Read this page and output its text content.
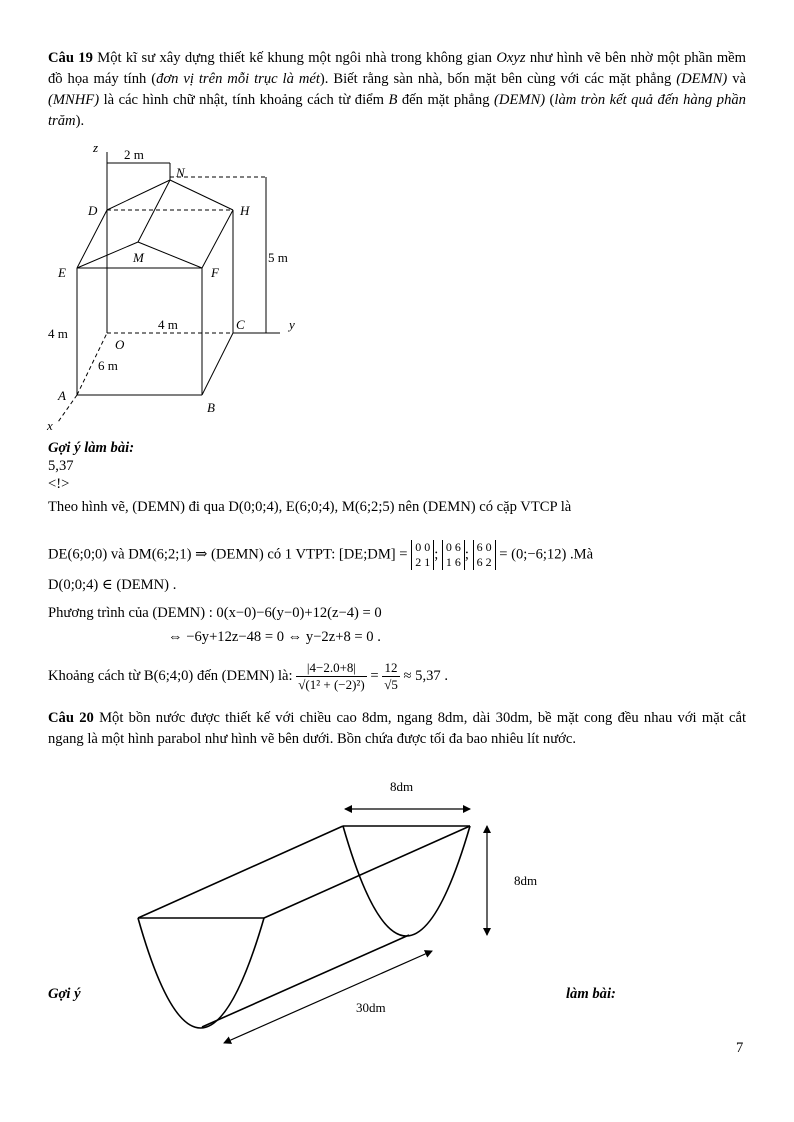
Câu 19 Một kĩ sư xây dựng thiết kế khung một ngôi nhà trong không gian Oxyz như hình vẽ bên nhờ một phần mềm đồ họa máy tính (đơn vị trên mỗi trục là mét). Biết rằng sàn nhà, bốn mặt bên cùng với các mặt phẳng (DEMN) và (MNHF) là các hình chữ nhật, tính khoảng cách từ điểm B đến mặt phẳng (DEMN) (làm tròn kết quả đến hàng phần trăm).
z 2 m
N
D	H
M	5 m
E	F
4 m
4 m	C	y
O
6 m
A
B
x
Gợi ý làm bài:
5,37
<!>
Theo hình vẽ, (DEMN) đi qua D(0;0;4), E(6;0;4), M(6;2;5) nên (DEMN) có cặp VTCP là
DE(6;0;0) và DM(6;2;1) ⇒ (DEMN) có 1 VTPT: [DE;DM] = 0 0
2 1 ; 0 6
1 6 ; 6 0
6 2 = (0;−6;12) .Mà
D(0;0;4) ∈ (DEMN) .
Phương trình của (DEMN) : 0(x−0)−6(y−0)+12(z−4) = 0
⇔ −6y+12z−48 = 0 ⇔ y−2z+8 = 0 .
Khoảng cách từ B(6;4;0) đến (DEMN) là: $\frac{|4-2.0+8|}{\text{√(1² + (−2)²)}} = \frac{12}{√5} \approx 5,37$ .
Câu 20 Một bồn nước được thiết kế với chiều cao 8dm, ngang 8dm, dài 30dm, bề mặt cong đều nhau với mặt cắt ngang là một hình parabol như hình vẽ bên dưới. Bồn chứa được tối đa bao nhiêu lít nước.
8dm
8dm
30dm
Gợi ý	làm bài:
7
